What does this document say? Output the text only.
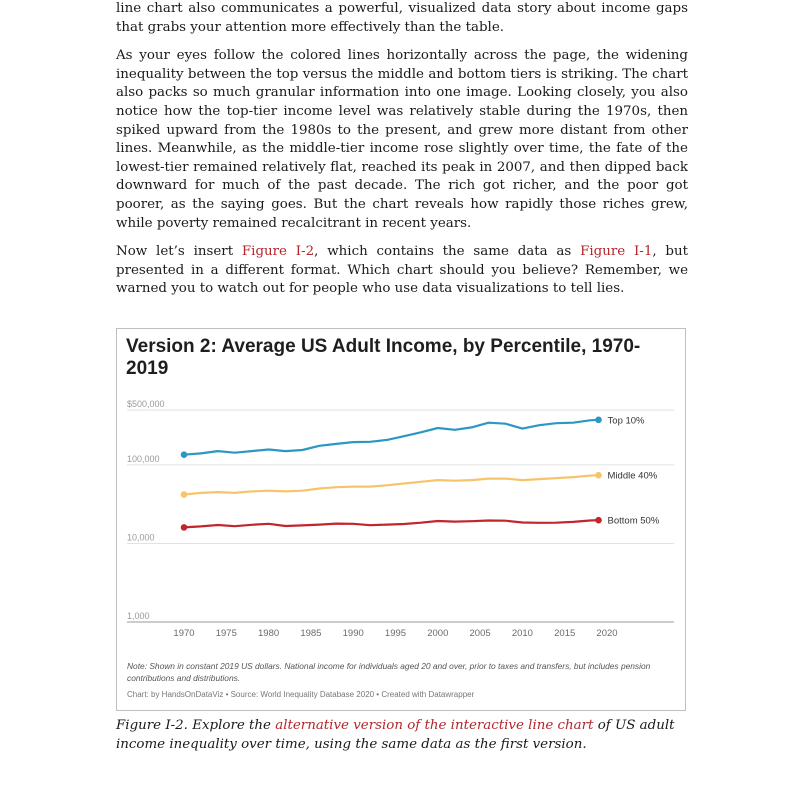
line chart also communicates a powerful, visualized data story about income gaps that grabs your attention more effectively than the table.

As your eyes follow the colored lines horizontally across the page, the widening inequality between the top versus the middle and bottom tiers is striking. The chart also packs so much granular information into one image. Looking closely, you also notice how the top-tier income level was relatively stable during the 1970s, then spiked upward from the 1980s to the present, and grew more distant from other lines. Meanwhile, as the middle-tier income rose slightly over time, the fate of the lowest-tier remained relatively flat, reached its peak in 2007, and then dipped back downward for much of the past decade. The rich got richer, and the poor got poorer, as the saying goes. But the chart reveals how rapidly those riches grew, while poverty remained recalcitrant in recent years.

Now let’s insert Figure I-2, which contains the same data as Figure I-1, but presented in a different format. Which chart should you believe? Remember, we warned you to watch out for people who use data visualizations to tell lies.

Version 2: Average US Adult Income, by Percentile, 1970-2019
1,000
10,000
100,000
$500,000
1970 1975 1980 1985 1990 1995 2000 2005 2010 2015 2020
Top 10%
Middle 40%
Bottom 50%

Note: Shown in constant 2019 US dollars. National income for individuals aged 20 and over, prior to taxes and transfers, but includes pension contributions and distributions.

Chart: by HandsOnDataViz • Source: World Inequality Database 2020 • Created with Datawrapper

Figure I-2. Explore the alternative version of the interactive line chart of US adult income inequality over time, using the same data as the first version.
